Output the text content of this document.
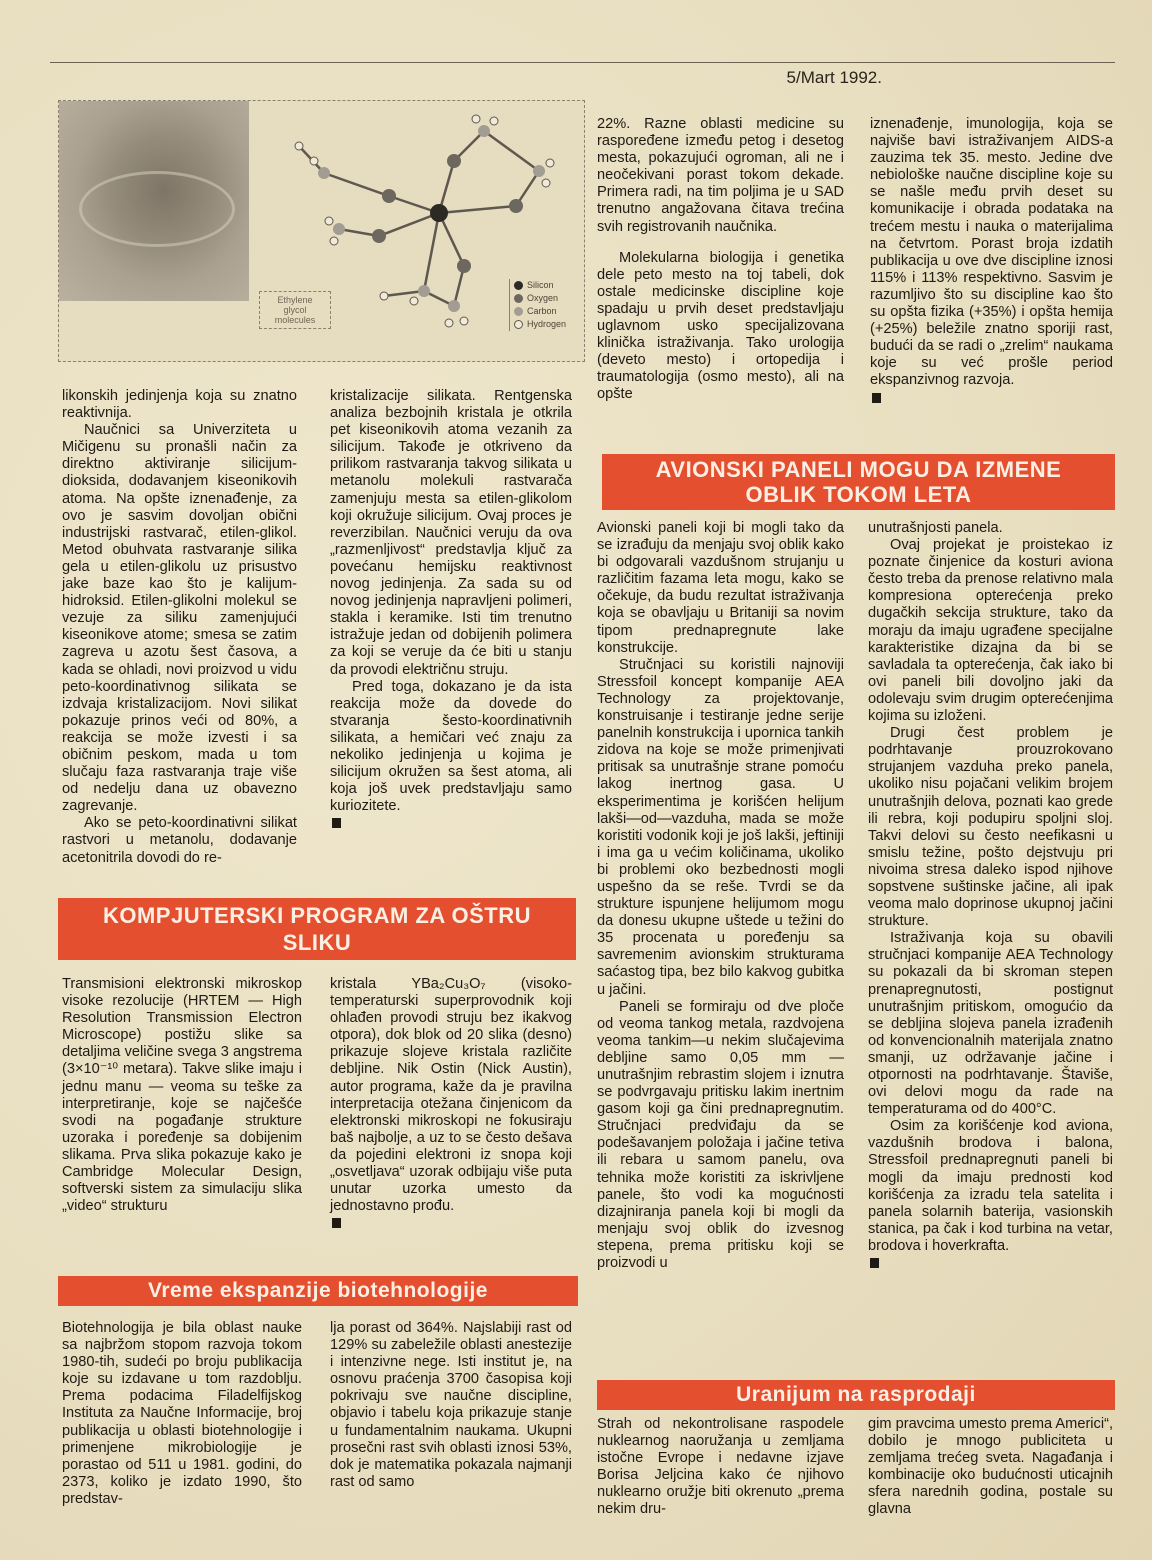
5/Mart 1992.
Ethylene
glycol
molecules
Silicon
Oxygen
Carbon
Hydrogen

likonskih jedinjenja koja su znatno reaktivnija.

Naučnici sa Univerziteta u Mičigenu su pronašli način za direktno aktiviranje silicijum-dioksida, dodavanjem kiseonikovih atoma. Na opšte iznenađenje, za ovo je sasvim dovoljan obični industrijski rastvarač, etilen-glikol. Metod obuhvata rastvaranje silika gela u etilen-glikolu uz prisustvo jake baze kao što je kalijum-hidroksid. Etilen-glikolni molekul se vezuje za siliku zamenjujući kiseonikove atome; smesa se zatim zagreva u azotu šest časova, a kada se ohladi, novi proizvod u vidu peto-koordinativnog silikata se izdvaja kristalizacijom. Novi silikat pokazuje prinos veći od 80%, a reakcija se može izvesti i sa običnim peskom, mada u tom slučaju faza rastvaranja traje više od nedelju dana uz obavezno zagrevanje.

Ako se peto-koordinativni silikat rastvori u metanolu, dodavanje acetonitrila dovodi do re-

kristalizacije silikata. Rentgenska analiza bezbojnih kristala je otkrila pet kiseonikovih atoma vezanih za silicijum. Takođe je otkriveno da prilikom rastvaranja takvog silikata u metanolu molekuli rastvarača zamenjuju mesta sa etilen-glikolom koji okružuje silicijum. Ovaj proces je reverzibilan. Naučnici veruju da ova „razmenljivost“ predstavlja ključ za povećanu hemijsku reaktivnost novog jedinjenja. Za sada su od novog jedinjenja napravljeni polimeri, stakla i keramike. Isti tim trenutno istražuje jedan od dobijenih polimera za koji se veruje da će biti u stanju da provodi električnu struju.

Pred toga, dokazano je da ista reakcija može da dovede do stvaranja šesto-koordinativnih silikata, a hemičari već znaju za nekoliko jedinjenja u kojima je silicijum okružen sa šest atoma, ali koja još uvek predstavljaju samo kuriozitete.

22%. Razne oblasti medicine su raspoređene između petog i desetog mesta, pokazujući ogroman, ali ne i neočekivani porast tokom dekade. Primera radi, na tim poljima je u SAD trenutno angažovana čitava trećina svih registrovanih naučnika.

Molekularna biologija i genetika dele peto mesto na toj tabeli, dok ostale medicinske discipline koje spadaju u prvih deset predstavljaju uglavnom usko specijalizovana klinička istraživanja. Tako urologija (deveto mesto) i ortopedija i traumatologija (osmo mesto), ali na opšte

iznenađenje, imunologija, koja se najviše bavi istraživanjem AIDS-a zauzima tek 35. mesto. Jedine dve nebiološke naučne discipline koje su se našle među prvih deset su komunikacije i obrada podataka na trećem mestu i nauka o materijalima na četvrtom. Porast broja izdatih publikacija u ove dve discipline iznosi 115% i 113% respektivno. Sasvim je razumljivo što su discipline kao što su opšta fizika (+35%) i opšta hemija (+25%) beležile znatno sporiji rast, budući da se radi o „zrelim“ naukama koje su već prošle period ekspanzivnog razvoja.

AVIONSKI PANELI MOGU DA IZMENE
OBLIK TOKOM LETA

Avionski paneli koji bi mogli tako da se izrađuju da menjaju svoj oblik kako bi odgovarali vazdušnom strujanju u različitim fazama leta mogu, kako se očekuje, da budu rezultat istraživanja koja se obavljaju u Britaniji sa novim tipom prednapregnute lake konstrukcije.

Stručnjaci su koristili najnoviji Stressfoil koncept kompanije AEA Technology za projektovanje, konstruisanje i testiranje jedne serije panelnih konstrukcija i upornica tankih zidova na koje se može primenjivati pritisak sa unutrašnje strane pomoću lakog inertnog gasa. U eksperimentima je korišćen helijum lakši—od—vazduha, mada se može koristiti vodonik koji je još lakši, jeftiniji i ima ga u većim količinama, ukoliko bi problemi oko bezbednosti mogli uspešno da se reše. Tvrdi se da strukture ispunjene helijumom mogu da donesu ukupne uštede u težini do 35 procenata u poređenju sa savremenim avionskim strukturama saćastog tipa, bez bilo kakvog gubitka u jačini.

Paneli se formiraju od dve ploče od veoma tankog metala, razdvojena veoma tankim—u nekim slučajevima debljine samo 0,05 mm — unutrašnjim rebrastim slojem i iznutra se podvrgavaju pritisku lakim inertnim gasom koji ga čini prednapregnutim. Stručnjaci predviđaju da se podešavanjem položaja i jačine tetiva ili rebara u samom panelu, ova tehnika može koristiti za iskrivljene panele, što vodi ka mogućnosti dizajniranja panela koji bi mogli da menjaju svoj oblik do izvesnog stepena, prema pritisku koji se proizvodi u

unutrašnjosti panela.

Ovaj projekat je proistekao iz poznate činjenice da kosturi aviona često treba da prenose relativno mala kompresiona opterećenja preko dugačkih sekcija strukture, tako da moraju da imaju ugrađene specijalne karakteristike dizajna da bi se savladala ta opterećenja, čak iako bi ovi paneli bili dovoljno jaki da odolevaju svim drugim opterećenjima kojima su izloženi.

Drugi čest problem je podrhtavanje prouzrokovano strujanjem vazduha preko panela, ukoliko nisu pojačani velikim brojem unutrašnjih delova, poznati kao grede ili rebra, koji podupiru spoljni sloj. Takvi delovi su često neefikasni u smislu težine, pošto dejstvuju pri nivoima stresa daleko ispod njihove sopstvene suštinske jačine, ali ipak veoma malo doprinose ukupnoj jačini strukture.

Istraživanja koja su obavili stručnjaci kompanije AEA Technology su pokazali da bi skroman stepen prenapregnutosti, postignut unutrašnjim pritiskom, omogućio da se debljina slojeva panela izrađenih od konvencionalnih materijala znatno smanji, uz održavanje jačine i otpornosti na podrhtavanje. Štaviše, ovi delovi mogu da rade na temperaturama od do 400°C.

Osim za korišćenje kod aviona, vazdušnih brodova i balona, Stressfoil prednapregnuti paneli bi mogli da imaju prednosti kod korišćenja za izradu tela satelita i panela solarnih baterija, vasionskih stanica, pa čak i kod turbina na vetar, brodova i hoverkrafta.

KOMPJUTERSKI PROGRAM ZA OŠTRU
SLIKU

Transmisioni elektronski mikroskop visoke rezolucije (HRTEM — High Resolution Transmission Electron Microscope) postižu slike sa detaljima veličine svega 3 angstrema (3×10⁻¹⁰ metara). Takve slike imaju i jednu manu — veoma su teške za interpretiranje, koje se najčešće svodi na pogađanje strukture uzoraka i poređenje sa dobijenim slikama. Prva slika pokazuje kako je Cambridge Molecular Design, softverski sistem za simulaciju slika „video“ strukturu

kristala YBa₂Cu₃O₇ (visoko-temperaturski superprovodnik koji ohlađen provodi struju bez ikakvog otpora), dok blok od 20 slika (desno) prikazuje slojeve kristala različite debljine. Nik Ostin (Nick Austin), autor programa, kaže da je pravilna interpretacija otežana činjenicom da elektronski mikroskopi ne fokusiraju baš najbolje, a uz to se često dešava da pojedini elektroni iz snopa koji „osvetljava“ uzorak odbijaju više puta unutar uzorka umesto da jednostavno prođu.

Vreme ekspanzije biotehnologije

Biotehnologija je bila oblast nauke sa najbržom stopom razvoja tokom 1980-tih, sudeći po broju publikacija koje su izdavane u tom razdoblju. Prema podacima Filadelfijskog Instituta za Naučne Informacije, broj publikacija u oblasti biotehnologije i primenjene mikrobiologije je porastao od 511 u 1981. godini, do 2373, koliko je izdato 1990, što predstav-

lja porast od 364%. Najslabiji rast od 129% su zabeležile oblasti anestezije i intenzivne nege. Isti institut je, na osnovu praćenja 3700 časopisa koji pokrivaju sve naučne discipline, objavio i tabelu koja prikazuje stanje u fundamentalnim naukama. Ukupni prosečni rast svih oblasti iznosi 53%, dok je matematika pokazala najmanji rast od samo

Uranijum na rasprodaji

Strah od nekontrolisane raspodele nuklearnog naoružanja u zemljama istočne Evrope i nedavne izjave Borisa Jeljcina kako će njihovo nuklearno oružje biti okrenuto „prema nekim dru-

gim pravcima umesto prema Americi“, dobilo je mnogo publiciteta u zemljama trećeg sveta. Nagađanja i kombinacije oko budućnosti uticajnih sfera narednih godina, postale su glavna
